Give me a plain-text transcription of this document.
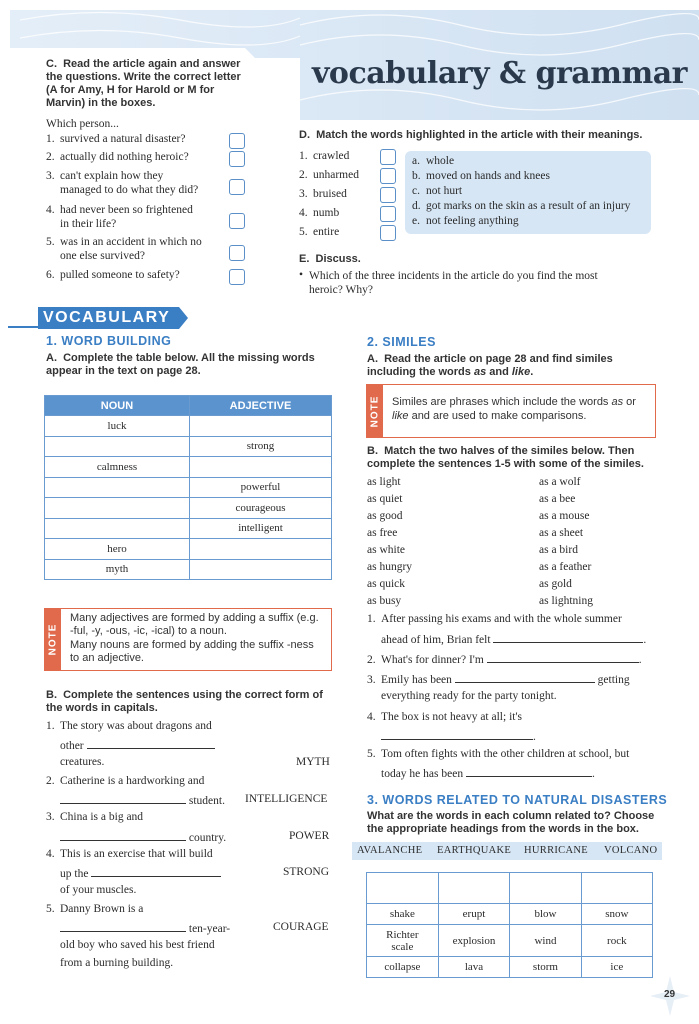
vocabulary & grammar
C.  Read the article again and answer the questions. Write the correct letter (A for Amy, H for Harold or M for Marvin) in the boxes.
Which person...
D.  Match the words highlighted in the article with their meanings.
E.  Discuss.
• Which of the three incidents in the article do you find the most
heroic? Why?
VOCABULARY
1. WORD BUILDING
A.  Complete the table below. All the missing words appear in the text on page 28.
NOUN	ADJECTIVE
luck	
	strong
calmness	
	powerful
	courageous
	intelligent
hero	
myth	
NOTE
Many adjectives are formed by adding a suffix (e.g. -ful, -y, -ous, -ic, -ical) to a noun.
Many nouns are formed by adding the suffix -ness to an adjective.
B.  Complete the sentences using the correct form of the words in capitals.
1. The story was about dragons and
other
creatures.	MYTH
2. Catherine is a hardworking and
student. INTELLIGENCE
3. China is a big and
country.	POWER
4. This is an exercise that will build
up the	STRONG
of your muscles.
5. Danny Brown is a
ten-year-	COURAGE
old boy who saved his best friend
from a burning building.
2. SIMILES
A.  Read the article on page 28 and find similes including the words as and like.
NOTE Similes are phrases which include the words as or like and are used to make comparisons.
B.  Match the two halves of the similes below. Then complete the sentences 1-5 with some of the similes.
1. After passing his exams and with the whole summer
ahead of him, Brian felt	.
2. What's for dinner? I'm	.
3. Emily has been	getting
everything ready for the party tonight.
4. The box is not heavy at all; it's
.
5. Tom often fights with the other children at school, but
today he has been	.
3. WORDS RELATED TO NATURAL DISASTERS
What are the words in each column related to? Choose the appropriate headings from the words in the box.

shake	erupt	blow	snow
Richter scale	explosion	wind	rock
collapse	lava	storm	ice
29
1. survived a natural disaster?
2. actually did nothing heroic?
3. can't explain how they
managed to do what they did?
4. had never been so frightened
in their life?
5. was in an accident in which no
one else survived?
6. pulled someone to safety?
1. crawled
2. unharmed
3. bruised
4. numb
5. entire
a. whole
b. moved on hands and knees
c. not hurt
d. got marks on the skin as a result of an injury
e. not feeling anything
as light	as a wolf
as quiet	as a bee
as good	as a mouse
as free	as a sheet
as white	as a bird
as hungry	as a feather
as quick	as gold
as busy	as lightning
AVALANCHE EARTHQUAKE HURRICANE VOLCANO
